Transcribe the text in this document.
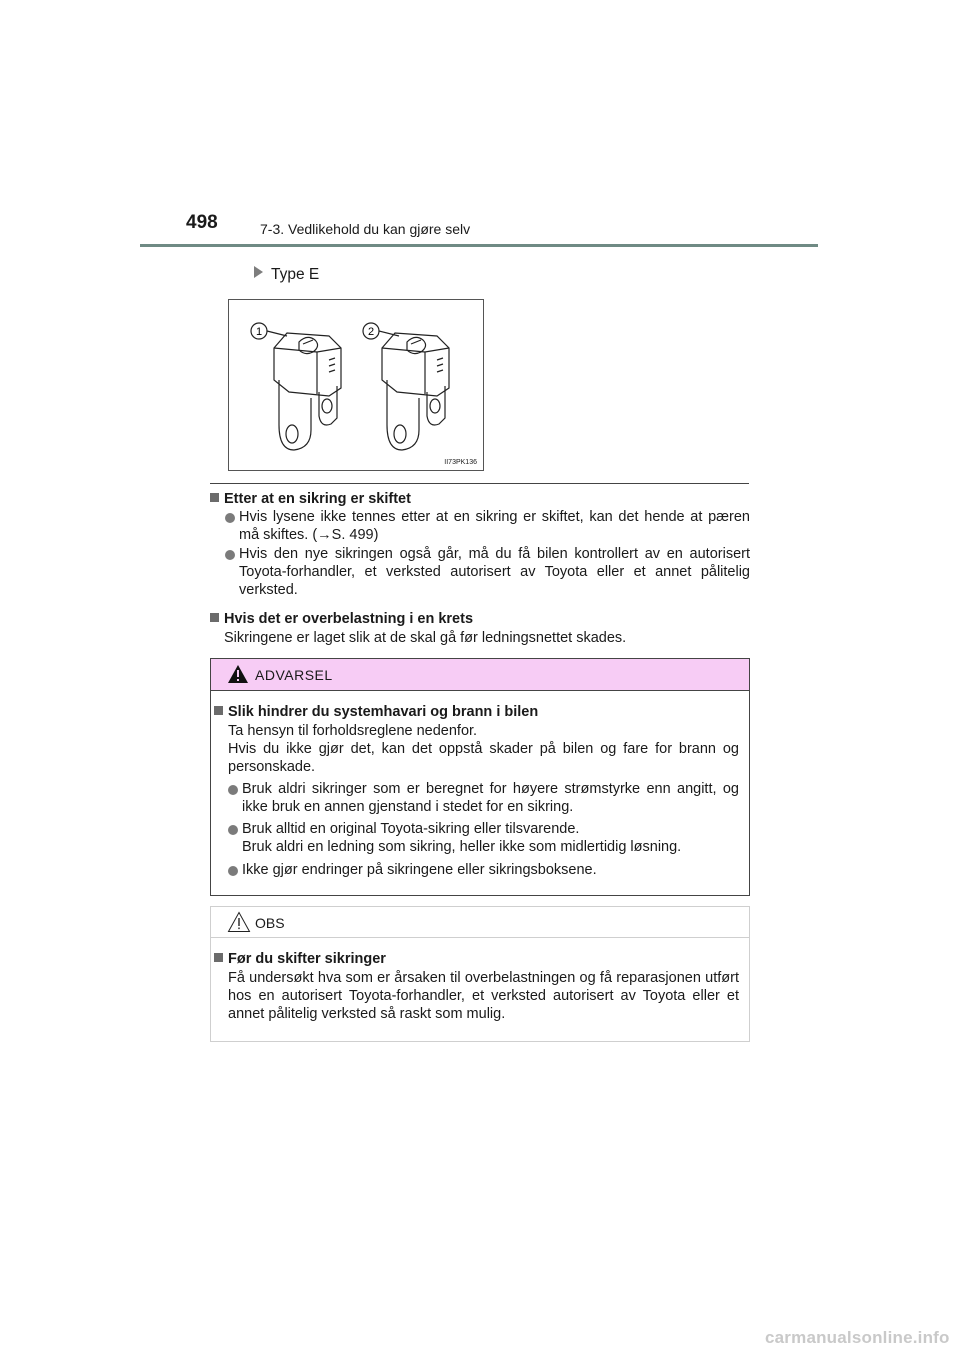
498	7-3. Vedlikehold du kan gjøre selv
Type E
1	2
II73PK136
Etter at en sikring er skiftet
Hvis lysene ikke tennes etter at en sikring er skiftet, kan det hende at pæren må skiftes. (→S. 499)
Hvis den nye sikringen også går, må du få bilen kontrollert av en autorisert Toyota-forhandler, et verksted autorisert av Toyota eller et annet pålitelig verksted.
Hvis det er overbelastning i en krets
Sikringene er laget slik at de skal gå før ledningsnettet skades.
ADVARSEL
Slik hindrer du systemhavari og brann i bilen
Ta hensyn til forholdsreglene nedenfor.
Hvis du ikke gjør det, kan det oppstå skader på bilen og fare for brann og personskade.
Bruk aldri sikringer som er beregnet for høyere strømstyrke enn angitt, og ikke bruk en annen gjenstand i stedet for en sikring.
Bruk alltid en original Toyota-sikring eller tilsvarende.
Bruk aldri en ledning som sikring, heller ikke som midlertidig løsning.
Ikke gjør endringer på sikringene eller sikringsboksene.
OBS
Før du skifter sikringer
Få undersøkt hva som er årsaken til overbelastningen og få reparasjonen utført hos en autorisert Toyota-forhandler, et verksted autorisert av Toyota eller et annet pålitelig verksted så raskt som mulig.
carmanualsonline.info
